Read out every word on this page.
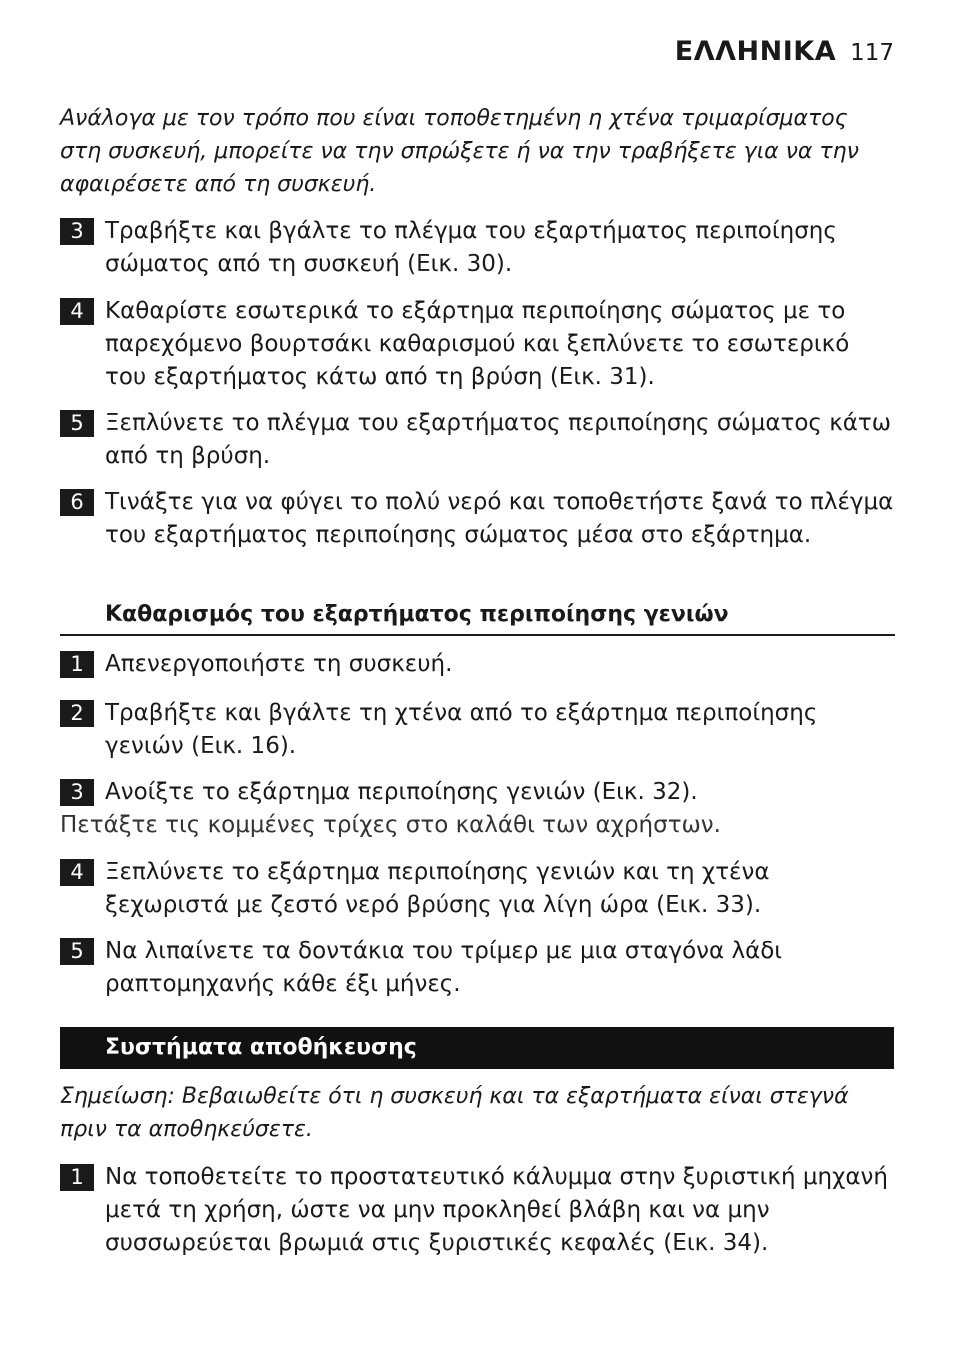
ΕΛΛΗΝΙΚΑ 117
Ανάλογα με τον τρόπο που είναι τοποθετημένη η χτένα τριμαρίσματος στη συσκευή, μπορείτε να την σπρώξετε ή να την τραβήξετε για να την αφαιρέσετε από τη συσκευή.
3 Τραβήξτε και βγάλτε το πλέγμα του εξαρτήματος περιποίησης σώματος από τη συσκευή (Εικ. 30).
4 Καθαρίστε εσωτερικά το εξάρτημα περιποίησης σώματος με το παρεχόμενο βουρτσάκι καθαρισμού και ξεπλύνετε το εσωτερικό του εξαρτήματος κάτω από τη βρύση (Εικ. 31).
5 Ξεπλύνετε το πλέγμα του εξαρτήματος περιποίησης σώματος κάτω από τη βρύση.
6 Τινάξτε για να φύγει το πολύ νερό και τοποθετήστε ξανά το πλέγμα του εξαρτήματος περιποίησης σώματος μέσα στο εξάρτημα.
Καθαρισμός του εξαρτήματος περιποίησης γενιών
1 Απενεργοποιήστε τη συσκευή.
2 Τραβήξτε και βγάλτε τη χτένα από το εξάρτημα περιποίησης γενιών (Εικ. 16).
3 Ανοίξτε το εξάρτημα περιποίησης γενιών (Εικ. 32).
Πετάξτε τις κομμένες τρίχες στο καλάθι των αχρήστων.
4 Ξεπλύνετε το εξάρτημα περιποίησης γενιών και τη χτένα ξεχωριστά με ζεστό νερό βρύσης για λίγη ώρα (Εικ. 33).
5 Να λιπαίνετε τα δοντάκια του τρίμερ με μια σταγόνα λάδι ραπτομηχανής κάθε έξι μήνες.
Συστήματα αποθήκευσης
Σημείωση: Βεβαιωθείτε ότι η συσκευή και τα εξαρτήματα είναι στεγνά πριν τα αποθηκεύσετε.
1 Να τοποθετείτε το προστατευτικό κάλυμμα στην ξυριστική μηχανή μετά τη χρήση, ώστε να μην προκληθεί βλάβη και να μην συσσωρεύεται βρωμιά στις ξυριστικές κεφαλές (Εικ. 34).
